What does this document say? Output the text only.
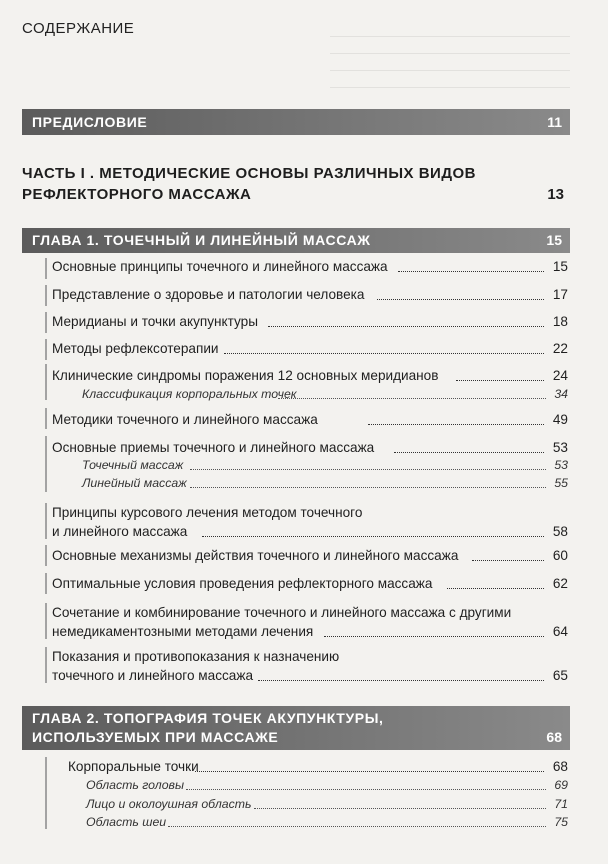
СОДЕРЖАНИЕ
ПРЕДИСЛОВИЕ	11
ЧАСТЬ I . МЕТОДИЧЕСКИЕ ОСНОВЫ РАЗЛИЧНЫХ ВИДОВ
РЕФЛЕКТОРНОГО МАССАЖА	13
ГЛАВА 1. ТОЧЕЧНЫЙ И ЛИНЕЙНЫЙ МАССАЖ	15
Основные принципы точечного и линейного массажа	15
Представление о здоровье и патологии человека	17
Меридианы и точки акупунктуры	18
Методы рефлексотерапии	22
Клинические синдромы поражения 12 основных меридианов	24
Классификация корпоральных точек	34
Методики точечного и линейного массажа	49
Основные приемы точечного и линейного массажа	53
Точечный массаж	53
Линейный массаж	55
Принципы курсового лечения методом точечного
и линейного массажа	58
Основные механизмы действия точечного и линейного массажа	60
Оптимальные условия проведения рефлекторного массажа	62
Сочетание и комбинирование точечного и линейного массажа с другими
немедикаментозными методами лечения	64
Показания и противопоказания к назначению
точечного и линейного массажа	65
ГЛАВА 2. ТОПОГРАФИЯ ТОЧЕК АКУПУНКТУРЫ,
ИСПОЛЬЗУЕМЫХ ПРИ МАССАЖЕ	68
Корпоральные точки	68
Область головы	69
Лицо и околоушная область	71
Область шеи	75
